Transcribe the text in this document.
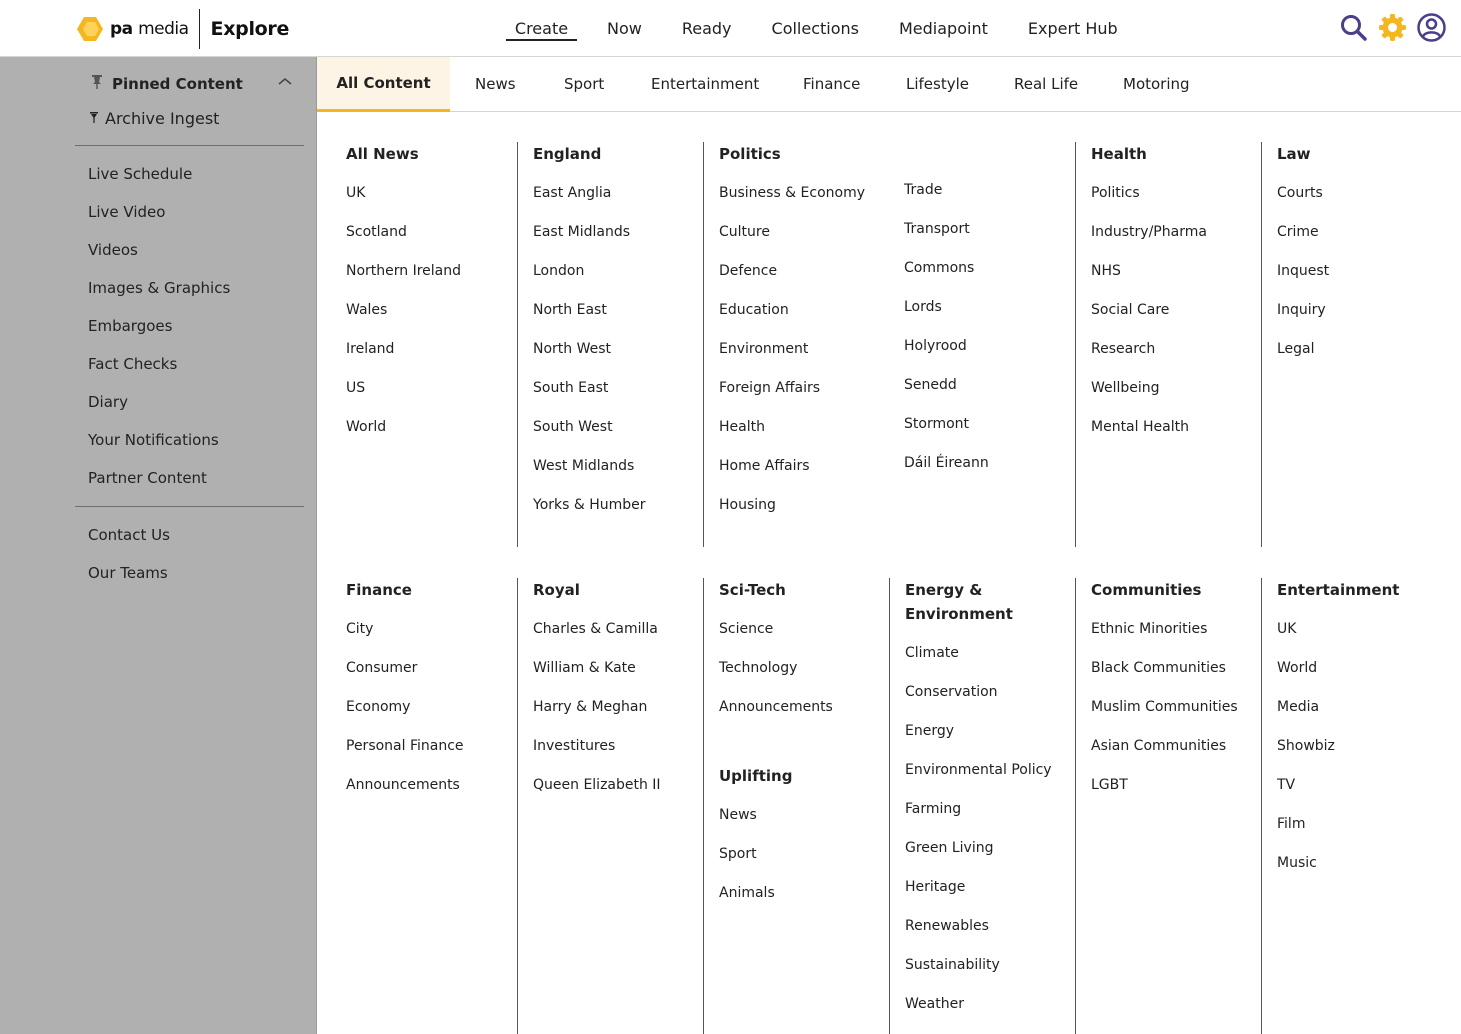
pa media Explore	Create	Now	Ready	Collections	Mediapoint	Expert Hub
Pinned Content
Archive Ingest
Live Schedule
Live Video
Videos
Images & Graphics
Embargoes
Fact Checks
Diary
Your Notifications
Partner Content
Contact Us
Our Teams
All Content	News	Sport	Entertainment	Finance	Lifestyle	Real Life	Motoring
All News
UK
Scotland
Northern Ireland
Wales
Ireland
US
World
England
East Anglia
East Midlands
London
North East
North West
South East
South West
West Midlands
Yorks & Humber
Politics
Business & Economy
Culture
Defence
Education
Environment
Foreign Affairs
Health
Home Affairs
Housing
Trade
Transport
Commons
Lords
Holyrood
Senedd
Stormont
Dáil Éireann
Health
Politics
Industry/Pharma
NHS
Social Care
Research
Wellbeing
Mental Health
Law
Courts
Crime
Inquest
Inquiry
Legal
Finance
City
Consumer
Economy
Personal Finance
Announcements
Royal
Charles & Camilla
William & Kate
Harry & Meghan
Investitures
Queen Elizabeth II
Sci-Tech
Science
Technology
Announcements
Uplifting
News
Sport
Animals
Energy &
Environment
Climate
Conservation
Energy
Environmental Policy
Farming
Green Living
Heritage
Renewables
Sustainability
Weather
Communities
Ethnic Minorities
Black Communities
Muslim Communities
Asian Communities
LGBT
Entertainment
UK
World
Media
Showbiz
TV
Film
Music
